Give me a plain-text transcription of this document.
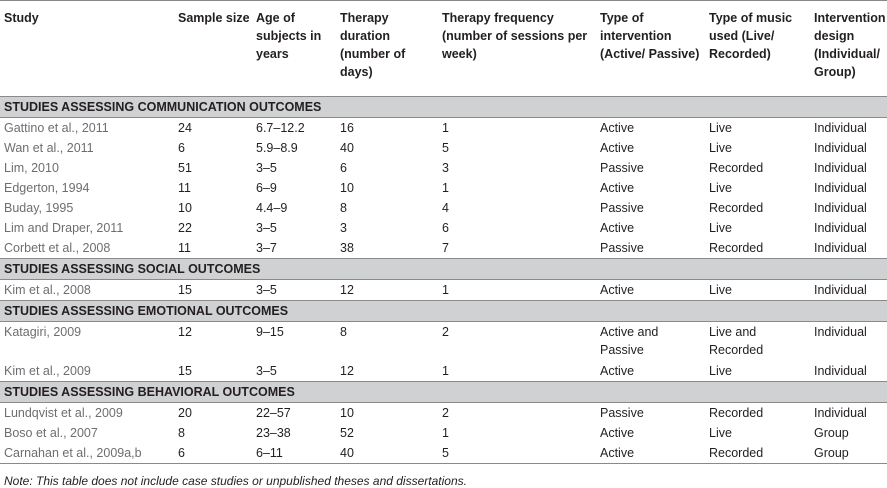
Study	Sample size	Age of subjects in years	Therapy duration (number of days)	Therapy frequency (number of sessions per week)	Type of intervention (Active/ Passive)	Type of music used (Live/ Recorded)	Intervention design (Individual/ Group)
STUDIES ASSESSING COMMUNICATION OUTCOMES							
Gattino et al., 2011	24	6.7–12.2	16	1	Active	Live	Individual
Wan et al., 2011	6	5.9–8.9	40	5	Active	Live	Individual
Lim, 2010	51	3–5	6	3	Passive	Recorded	Individual
Edgerton, 1994	11	6–9	10	1	Active	Live	Individual
Buday, 1995	10	4.4–9	8	4	Passive	Recorded	Individual
Lim and Draper, 2011	22	3–5	3	6	Active	Live	Individual
Corbett et al., 2008	11	3–7	38	7	Passive	Recorded	Individual
STUDIES ASSESSING SOCIAL OUTCOMES							
Kim et al., 2008	15	3–5	12	1	Active	Live	Individual
STUDIES ASSESSING EMOTIONAL OUTCOMES							
Katagiri, 2009	12	9–15	8	2	Active and Passive	Live and Recorded	Individual
Kim et al., 2009	15	3–5	12	1	Active	Live	Individual
STUDIES ASSESSING BEHAVIORAL OUTCOMES							
Lundqvist et al., 2009	20	22–57	10	2	Passive	Recorded	Individual
Boso et al., 2007	8	23–38	52	1	Active	Live	Group
Carnahan et al., 2009a,b	6	6–11	40	5	Active	Recorded	Group
Note: This table does not include case studies or unpublished theses and dissertations.
